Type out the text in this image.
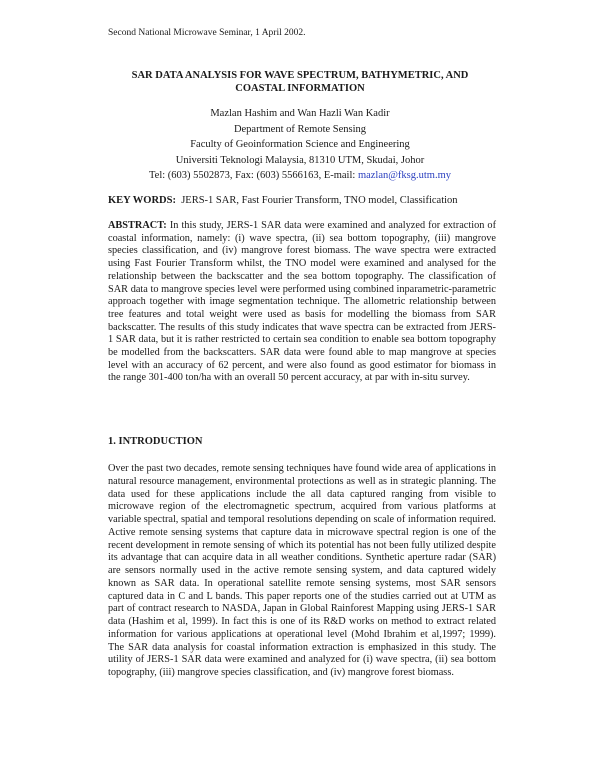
Second National Microwave Seminar, 1 April 2002.
SAR DATA ANALYSIS FOR WAVE SPECTRUM, BATHYMETRIC, AND
COASTAL INFORMATION
Mazlan Hashim and Wan Hazli Wan Kadir
Department of Remote Sensing
Faculty of Geoinformation Science and Engineering
Universiti Teknologi Malaysia, 81310 UTM, Skudai, Johor
Tel: (603) 5502873, Fax: (603) 5566163, E-mail: mazlan@fksg.utm.my
KEY WORDS: JERS-1 SAR, Fast Fourier Transform, TNO model, Classification
ABSTRACT: In this study, JERS-1 SAR data were examined and analyzed for extraction of coastal information, namely: (i) wave spectra, (ii) sea bottom topography, (iii) mangrove species classification, and (iv) mangrove forest biomass. The wave spectra were extracted using Fast Fourier Transform whilst, the TNO model were examined and analysed for the relationship between the backscatter and the sea bottom topography. The classification of SAR data to mangrove species level were performed using combined inparametric-parametric approach together with image segmentation technique. The allometric relationship between tree features and total weight were used as basis for modelling the biomass from SAR backscatter. The results of this study indicates that wave spectra can be extracted from JERS-1 SAR data, but it is rather restricted to certain sea condition to enable sea bottom topography be modelled from the backscatters. SAR data were found able to map mangrove at species level with an accuracy of 62 percent, and were also found as good estimator for biomass in the range 301-400 ton/ha with an overall 50 percent accuracy, at par with in-situ survey.
1. INTRODUCTION
Over the past two decades, remote sensing techniques have found wide area of applications in natural resource management, environmental protections as well as in strategic planning. The data used for these applications include the all data captured ranging from visible to microwave region of the electromagnetic spectrum, acquired from various platforms at variable spectral, spatial and temporal resolutions depending on scale of information required. Active remote sensing systems that capture data in microwave spectral region is one of the recent development in remote sensing of which its potential has not been fully utilized despite its advantage that can acquire data in all weather conditions. Synthetic aperture radar (SAR) are sensors normally used in the active remote sensing system, and data captured widely known as SAR data. In operational satellite remote sensing systems, most SAR sensors captured data in C and L bands. This paper reports one of the studies carried out at UTM as part of contract research to NASDA, Japan in Global Rainforest Mapping using JERS-1 SAR data (Hashim et al, 1999). In fact this is one of its R&D works on method to extract related information for various applications at operational level (Mohd Ibrahim et al,1997; 1999). The SAR data analysis for coastal information extraction is emphasized in this study. The utility of JERS-1 SAR data were examined and analyzed for (i) wave spectra, (ii) sea bottom topography, (iii) mangrove species classification, and (iv) mangrove forest biomass.
